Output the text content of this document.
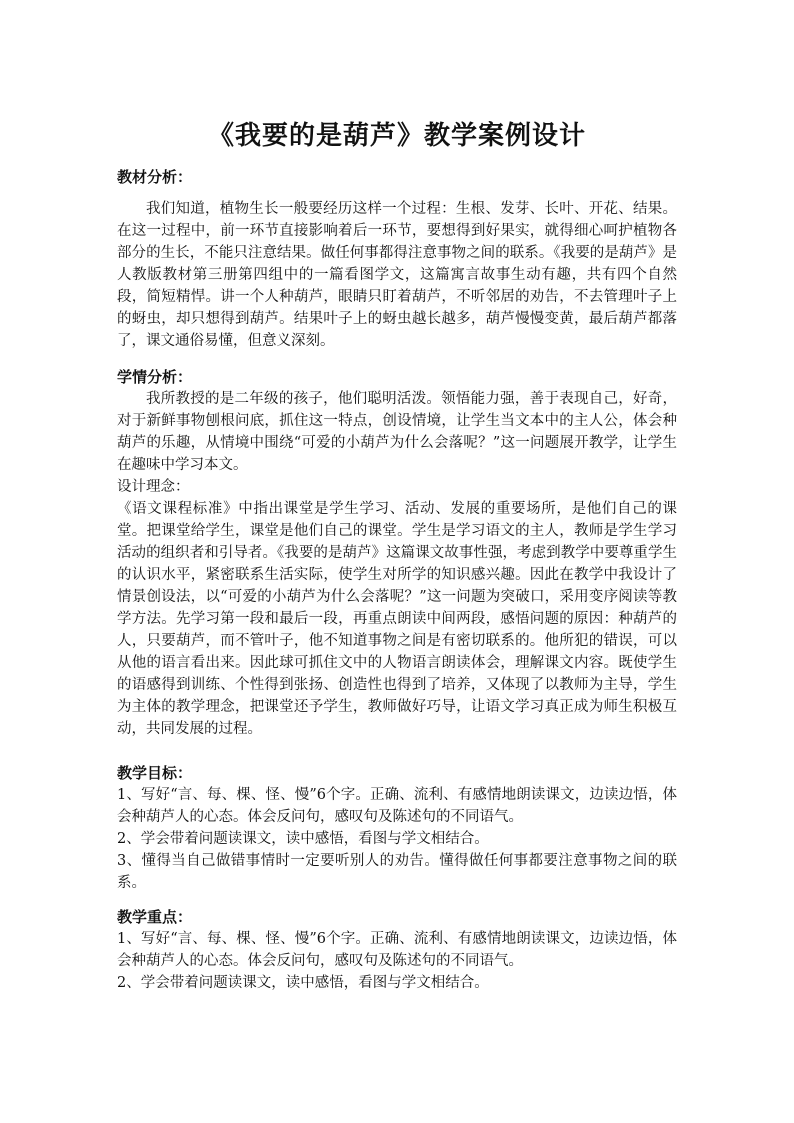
《我要的是葫芦》教学案例设计
教材分析：
我们知道，植物生长一般要经历这样一个过程：生根、发芽、长叶、开花、结果。在这一过程中，前一环节直接影响着后一环节，要想得到好果实，就得细心呵护植物各部分的生长，不能只注意结果。做任何事都得注意事物之间的联系。《我要的是葫芦》是人教版教材第三册第四组中的一篇看图学文，这篇寓言故事生动有趣，共有四个自然段，简短精悍。讲一个人种葫芦，眼睛只盯着葫芦，不听邻居的劝告，不去管理叶子上的蚜虫，却只想得到葫芦。结果叶子上的蚜虫越长越多，葫芦慢慢变黄，最后葫芦都落了，课文通俗易懂，但意义深刻。
学情分析：
我所教授的是二年级的孩子，他们聪明活泼。领悟能力强，善于表现自己，好奇，对于新鲜事物刨根问底，抓住这一特点，创设情境，让学生当文本中的主人公，体会种葫芦的乐趣，从情境中围绕“可爱的小葫芦为什么会落呢？”这一问题展开教学，让学生在趣味中学习本文。
设计理念：
《语文课程标准》中指出课堂是学生学习、活动、发展的重要场所，是他们自己的课堂。把课堂给学生，课堂是他们自己的课堂。学生是学习语文的主人，教师是学生学习活动的组织者和引导者。《我要的是葫芦》这篇课文故事性强，考虑到教学中要尊重学生的认识水平，紧密联系生活实际，使学生对所学的知识感兴趣。因此在教学中我设计了情景创设法，以“可爱的小葫芦为什么会落呢？”这一问题为突破口，采用变序阅读等教学方法。先学习第一段和最后一段，再重点朗读中间两段，感悟问题的原因：种葫芦的人，只要葫芦，而不管叶子，他不知道事物之间是有密切联系的。他所犯的错误，可以从他的语言看出来。因此球可抓住文中的人物语言朗读体会，理解课文内容。既使学生的语感得到训练、个性得到张扬、创造性也得到了培养，又体现了以教师为主导，学生为主体的教学理念，把课堂还予学生，教师做好巧导，让语文学习真正成为师生积极互动，共同发展的过程。
教学目标：
1、写好“言、每、棵、怪、慢”6个字。正确、流利、有感情地朗读课文，边读边悟，体会种葫芦人的心态。体会反问句，感叹句及陈述句的不同语气。
2、学会带着问题读课文，读中感悟，看图与学文相结合。
3、懂得当自己做错事情时一定要听别人的劝告。懂得做任何事都要注意事物之间的联系。
教学重点：
1、写好“言、每、棵、怪、慢”6个字。正确、流利、有感情地朗读课文，边读边悟，体会种葫芦人的心态。体会反问句，感叹句及陈述句的不同语气。
2、学会带着问题读课文，读中感悟，看图与学文相结合。
